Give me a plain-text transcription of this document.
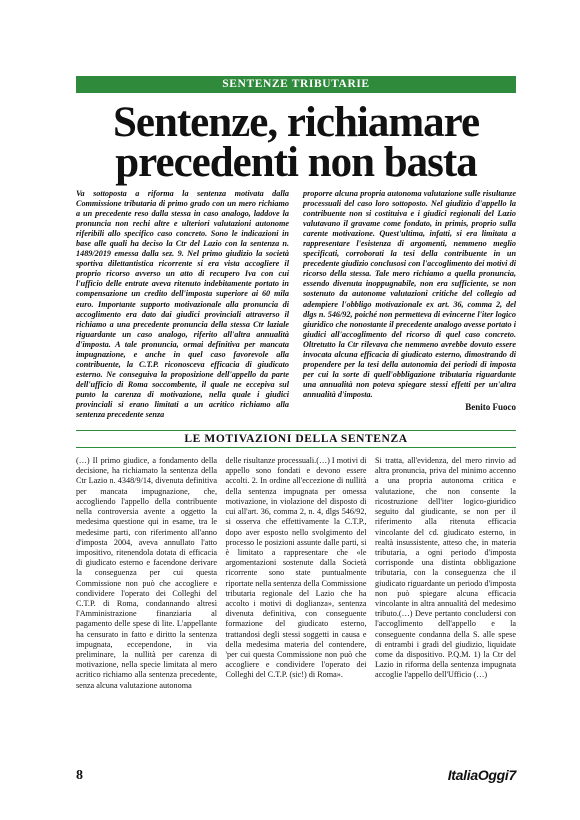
SENTENZE TRIBUTARIE
Sentenze, richiamare precedenti non basta

Va sottoposta a riforma la sentenza motivata dalla Commissione tributaria di primo grado con un mero richiamo a un precedente reso dalla stessa in caso analogo, laddove la pronuncia non rechi altre e ulteriori valutazioni autonome riferibili allo specifico caso concreto. Sono le indicazioni in base alle quali ha deciso la Ctr del Lazio con la sentenza n. 1489/2019 emessa dalla sez. 9. Nel primo giudizio la società sportiva dilettantistica ricorrente si era vista accogliere il proprio ricorso avverso un atto di recupero Iva con cui l'ufficio delle entrate aveva ritenuto indebitamente portato in compensazione un credito dell'imposta superiore ai 60 mila euro. Importante supporto motivazionale alla pronuncia di accoglimento era dato dai giudici provinciali attraverso il richiamo a una precedente pronuncia della stessa Ctr laziale riguardante un caso analogo, riferito all'altra annualità d'imposta. A tale pronuncia, ormai definitiva per mancata impugnazione, e anche in quel caso favorevole alla contribuente, la C.T.P. riconosceva efficacia di giudicato esterno. Ne conseguiva la proposizione dell'appello da parte dell'ufficio di Roma soccombente, il quale ne eccepiva sul punto la carenza di motivazione, nella quale i giudici provinciali si erano limitati a un acritico richiamo alla sentenza precedente senza

proporre alcuna propria autonoma valutazione sulle risultanze processuali del caso loro sottoposto. Nel giudizio d'appello la contribuente non si costituiva e i giudici regionali del Lazio valutavano il gravame come fondato, in primis, proprio sulla carente motivazione. Quest'ultima, infatti, si era limitata a rappresentare l'esistenza di argomenti, nemmeno meglio specificati, corroborati la tesi della contribuente in un precedente giudizio conclusosi con l'accoglimento dei motivi di ricorso della stessa. Tale mero richiamo a quella pronuncia, essendo divenuta inoppugnabile, non era sufficiente, se non sostenuto da autonome valutazioni critiche del collegio ad adempiere l'obbligo motivazionale ex art. 36, comma 2, del dlgs n. 546/92, poiché non permetteva di evincerne l'iter logico giuridico che nonostante il precedente analogo avesse portato i giudici all'accoglimento del ricorso di quel caso concreto. Oltretutto la Ctr rilevava che nemmeno avrebbe dovuto essere invocata alcuna efficacia di giudicato esterno, dimostrando di propendere per la tesi della autonomia dei periodi di imposta per cui la sorte di quell'obbligazione tributaria riguardante una annualità non poteva spiegare stessi effetti per un'altra annualità d'imposta.

Benito Fuoco
LE MOTIVAZIONI DELLA SENTENZA

(…) Il primo giudice, a fondamento della decisione, ha richiamato la sentenza della Ctr Lazio n. 4348/9/14, divenuta definitiva per mancata impugnazione, che, accogliendo l'appello della contribuente nella controversia avente a oggetto la medesima questione qui in esame, tra le medesime parti, con riferimento all'anno d'imposta 2004, aveva annullato l'atto impositivo, ritenendola dotata di efficacia di giudicato esterno e facendone derivare la conseguenza per cui questa Commissione non può che accogliere e condividere l'operato dei Colleghi del C.T.P. di Roma, condannando altresì l'Amministrazione finanziaria al pagamento delle spese di lite. L'appellante ha censurato in fatto e diritto la sentenza impugnata, eccependone, in via preliminare, la nullità per carenza di motivazione, nella specie limitata al mero acritico richiamo alla sentenza precedente, senza alcuna valutazione autonoma

delle risultanze processuali.(…) I motivi di appello sono fondati e devono essere accolti. 2. In ordine all'eccezione di nullità della sentenza impugnata per omessa motivazione, in violazione del disposto di cui all'art. 36, comma 2, n. 4, dlgs 546/92, si osserva che effettivamente la C.T.P., dopo aver esposto nello svolgimento del processo le posizioni assunte dalle parti, si è limitato a rappresentare che «le argomentazioni sostenute dalla Società ricorrente sono state puntualmente riportate nella sentenza della Commissione tributaria regionale del Lazio che ha accolto i motivi di doglianza», sentenza divenuta definitiva, con conseguente formazione del giudicato esterno, trattandosi degli stessi soggetti in causa e della medesima materia del contendere, 'per cui questa Commissione non può che accogliere e condividere l'operato dei Colleghi del C.T.P. (sic!) di Roma».

Si tratta, all'evidenza, del mero rinvio ad altra pronuncia, priva del minimo accenno a una propria autonoma critica e valutazione, che non consente la ricostruzione dell'iter logico-giuridico seguito dal giudicante, se non per il riferimento alla ritenuta efficacia vincolante del cd. giudicato esterno, in realtà insussistente, atteso che, in materia tributaria, a ogni periodo d'imposta corrisponde una distinta obbligazione tributaria, con la conseguenza che il giudicato riguardante un periodo d'imposta non può spiegare alcuna efficacia vincolante in altra annualità del medesimo tributo.(…) Deve pertanto concludersi con l'accoglimento dell'appello e la conseguente condanna della S. alle spese di entrambi i gradi del giudizio, liquidate come da dispositivo. P.Q.M. 1) la Ctr del Lazio in riforma della sentenza impugnata accoglie l'appello dell'Ufficio (…)

8	ItaliaOggi7
